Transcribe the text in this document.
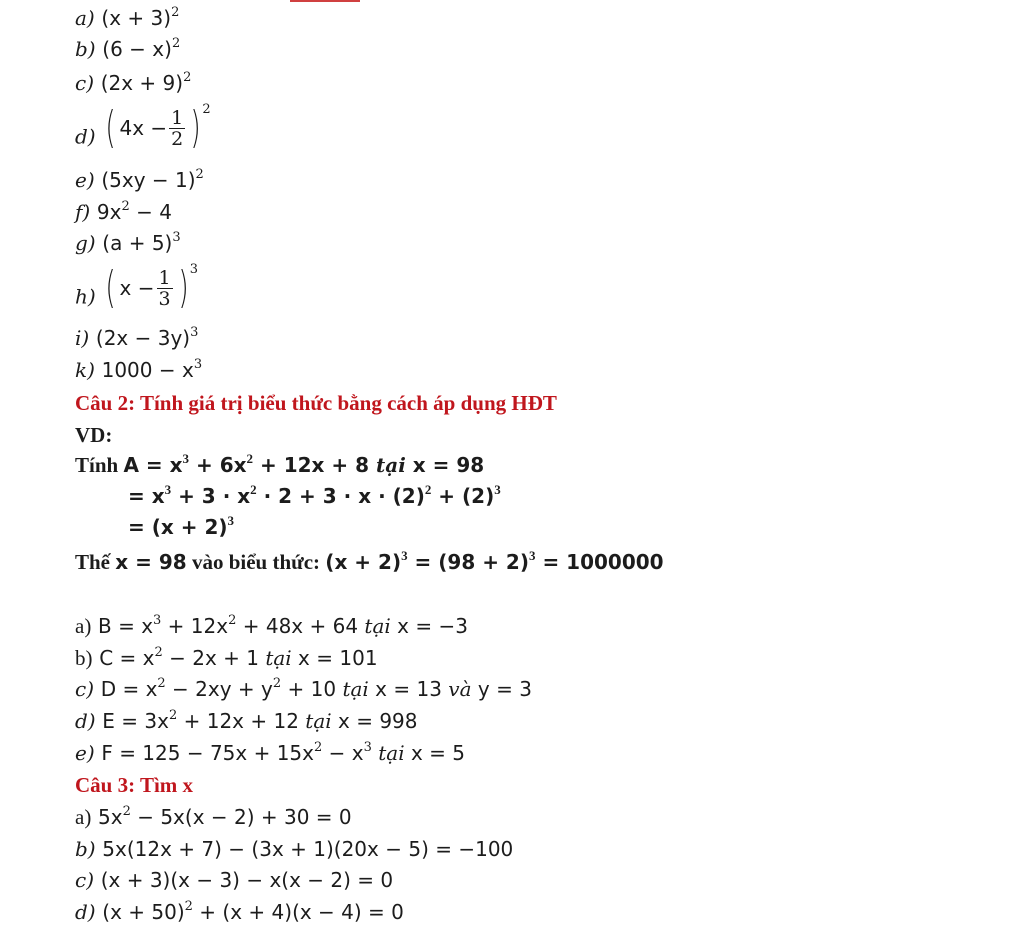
a) $(x + 3)^2$
b) $(6 - x)^2$
c) $(2x + 9)^2$
d) ( $4x - \frac{1}{2}$ ) 2
e) $(5xy - 1)^2$
f) $9x^2 - 4$
g) $(a + 5)^3$
h) ( $x - \frac{1}{3}$ ) 3
i) $(2x - 3y)^3$
k) $1000 - x^3$
Câu 2: Tính giá trị biểu thức bằng cách áp dụng HĐT
VD:
Tính $A = x^3 + 6x^2 + 12x + 8$ tại x = 98
= $x^3 + 3 \cdot x^2 \cdot 2 + 3 \cdot x \cdot (2)^2 + (2)^3$
= $(x + 2)^3$
Thế x = 98 vào biểu thức: $(x + 2)^3 = (98 + 2)^3 = 1000000$
a) $B = x^3 + 12x^2 + 48x + 64$ tại x = −3
b) $C = x^2 - 2x + 1$ tại x = 101
c) $D = x^2 - 2xy + y^2 + 10$ tại x = 13 và y = 3
d) $E = 3x^2 + 12x + 12$ tại x = 998
e) $F = 125 - 75x + 15x^2 - x^3$ tại x = 5
Câu 3: Tìm x
a) $5x^2 - 5x(x - 2) + 30 = 0$
b) 5x(12x + 7) − (3x + 1)(20x − 5) = −100
c) (x + 3)(x − 3) − x(x − 2) = 0
d) $(x + 50)^2 + (x + 4)(x - 4) = 0$
